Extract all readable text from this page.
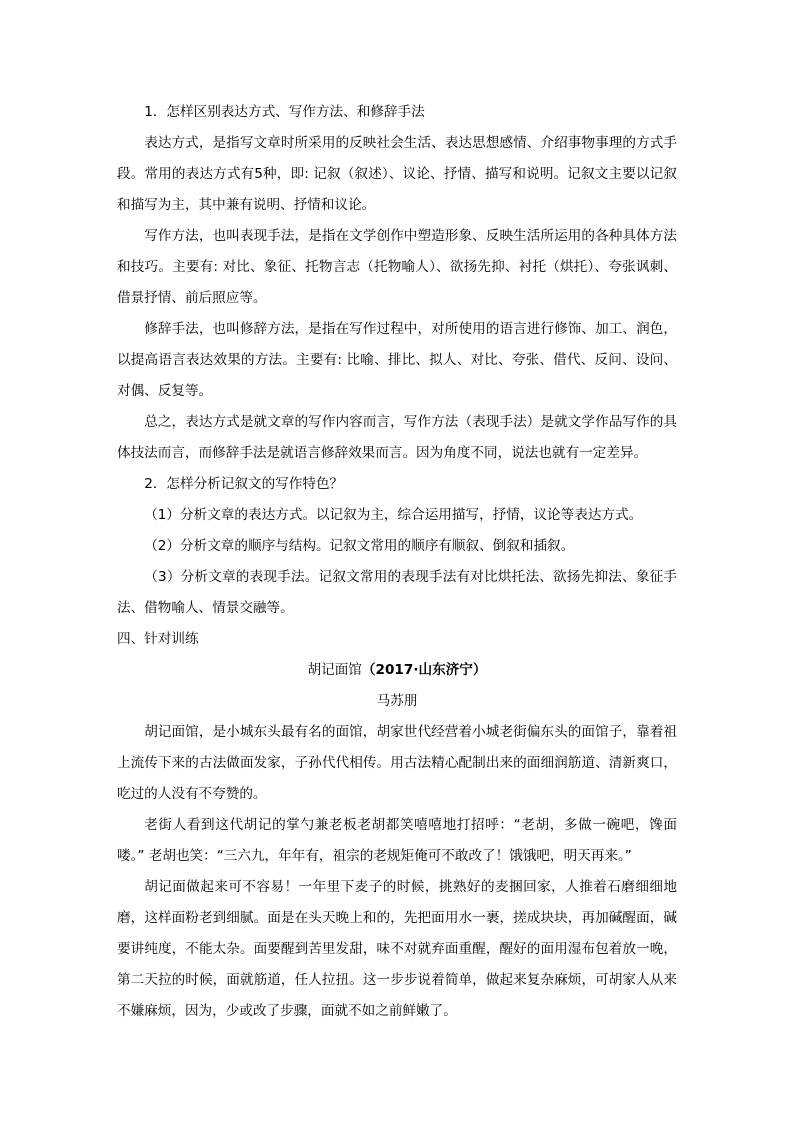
1．怎样区别表达方式、写作方法、和修辞手法

表达方式，是指写文章时所采用的反映社会生活、表达思想感情、介绍事物事理的方式手段。常用的表达方式有5种，即: 记叙（叙述）、议论、抒情、描写和说明。记叙文主要以记叙和描写为主，其中兼有说明、抒情和议论。

写作方法，也叫表现手法，是指在文学创作中塑造形象、反映生活所运用的各种具体方法和技巧。主要有: 对比、象征、托物言志（托物喻人）、欲扬先抑、衬托（烘托）、夸张讽刺、借景抒情、前后照应等。

修辞手法，也叫修辞方法，是指在写作过程中，对所使用的语言进行修饰、加工、润色，以提高语言表达效果的方法。主要有: 比喻、排比、拟人、对比、夸张、借代、反问、设问、对偶、反复等。

总之，表达方式是就文章的写作内容而言，写作方法（表现手法）是就文学作品写作的具体技法而言，而修辞手法是就语言修辞效果而言。因为角度不同，说法也就有一定差异。

2．怎样分析记叙文的写作特色？
（1）分析文章的表达方式。以记叙为主，综合运用描写，抒情，议论等表达方式。
（2）分析文章的顺序与结构。记叙文常用的顺序有顺叙、倒叙和插叙。

（3）分析文章的表现手法。记叙文常用的表现手法有对比烘托法、欲扬先抑法、象征手法、借物喻人、情景交融等。

四、针对训练
胡记面馆（2017·山东济宁）
马苏朋

胡记面馆，是小城东头最有名的面馆，胡家世代经营着小城老街偏东头的面馆子，靠着祖上流传下来的古法做面发家，子孙代代相传。用古法精心配制出来的面细润筋道、清新爽口，吃过的人没有不夸赞的。

老街人看到这代胡记的掌勺兼老板老胡都笑嘻嘻地打招呼：“老胡，多做一碗吧，馋面喽。” 老胡也笑：“三六九，年年有，祖宗的老规矩俺可不敢改了！饿饿吧，明天再来。”

胡记面做起来可不容易！一年里下麦子的时候，挑熟好的麦捆回家，人推着石磨细细地磨，这样面粉老到细腻。面是在头天晚上和的，先把面用水一裹，搓成块块，再加碱醒面，碱要讲纯度，不能太杂。面要醒到苦里发甜，味不对就弃面重醒，醒好的面用湿布包着放一晚，第二天拉的时候，面就筋道，任人拉扭。这一步步说着简单，做起来复杂麻烦，可胡家人从来不嫌麻烦，因为，少或改了步骤，面就不如之前鲜嫩了。
